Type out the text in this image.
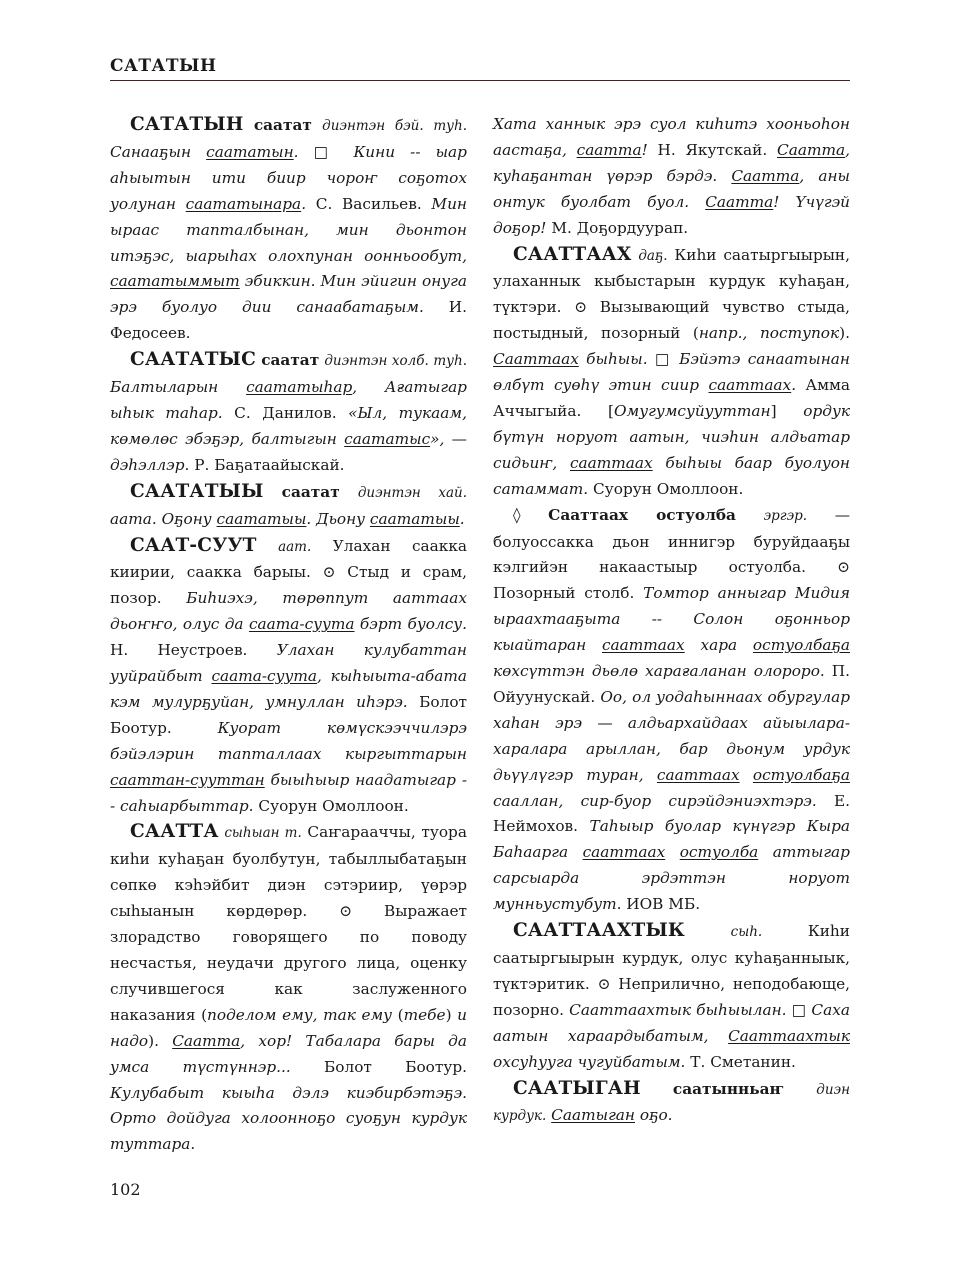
САТАТЫН

САТАТЫН саатат диэнтэн бэй. туһ. Санааҕын саататын. □ Кини -- ыар аһыытын ити биир чороҥ соҕотох уолунан саататынара. С. Васильев. Мин ыраас тапталбынан, мин дьонтон итэҕэс, ыарыһах олохпунан оонньообут, саататыммыт эбиккин. Мин эйигин онуга эрэ буолуо дии санаабатаҕым. И. Федосеев.

СААТАТЫС саатат диэнтэн холб. туһ. Балтыларын саататыһар, Ағатыгар ыһык таһар. С. Данилов. «Ыл, тукаам, көмөлөс эбэҕэр, балтыгын саататыс», — дэһэллэр. Р. Баҕатаайыскай.

СААТАТЫЫ саатат диэнтэн хай. аата. Оҕону саататыы. Дьону саататыы.

СААТ-СУУТ аат. Улахан саакка киирии, саакка барыы. ⊙ Стыд и срам, позор. Биһиэхэ, төрөппут ааттаах дьоҥҥо, олус да саата-суута бэрт буолсу. Н. Неустроев. Улахан кулубаттан ууйрайбыт саата-суута, кыһыыта-абата кэм мулурҕуйан, умнуллан иһэрэ. Болот Боотур. Куорат көмүскээччилэрэ бэйэлэрин тапталлаах кыргыттарын сааттан-сууттан быыһыыр наадатыгар -- саһыарбыттар. Суорун Омоллоон.

СААТТА сыһыан т. Саҥарааччы, туора киһи куһаҕан буолбутун, табыллыбатаҕын сөпкө кэһэйбит диэн сэтэриир, үөрэр сыһыанын көрдөрөр. ⊙ Выражает злорадство говорящего по поводу несчастья, неудачи другого лица, оценку случившегося как заслуженного наказания (поделом ему, так ему (тебе) и надо). Саатта, хор! Табалара бары да умса түстүннэр... Болот Боотур. Кулубабыт кыыһа дэлэ киэбирбэтэҕэ. Орто дойдуга холоонноҕо суоҕун курдук туттара.

Хата ханнык эрэ суол киһитэ хооньоһон аастаҕа, саатта! Н. Якутскай. Саатта, куһаҕантан үөрэр бэрдэ. Саатта, аны онтук буолбат буол. Саатта! Үчүгэй доҕор! М. Доҕордуурап.

СААТТААХ даҕ. Киһи саатыргыырын, улаханнык кыбыстарын курдук куһаҕан, түктэри. ⊙ Вызывающий чувство стыда, постыдный, позорный (напр., поступок). Сааттаах быһыы. □ Бэйэтэ санаатынан өлбүт суөһү этин сиир сааттаах. Амма Аччыгыйа. [Омугумсуйууттан] ордук бүтүн норуот аатын, чиэһин алдьатар сидьиҥ, сааттаах быһыы баар буолуон сатаммат. Суорун Омоллоон.

◊ Сааттаах остуолба эргэр. — болуоссакка дьон иннигэр буруйдааҕы кэлгийэн накаастыыр остуолба. ⊙ Позорный столб. Томтор анныгар Мидия ыраахтааҕыта -- Солон оҕонньор кыайтаран сааттаах хара остуолбаҕа көхсүттэн дьөлө харағаланан олороро. П. Ойуунускай. Оо, ол уодаһыннаах обургулар хаһан эрэ — алдьархайдаах айыылара-харалара арыллан, бар дьонум урдук дьүүлүгэр туран, сааттаах остуолбаҕа сааллан, сир-буор сирэйдэниэхтэрэ. Е. Неймохов. Таһыыр буолар күнүгэр Кыра Баһаарга сааттаах остуолба аттыгар сарсыарда эрдэттэн норуот мунньустубут. ИОВ МБ.

СААТТААХТЫК	сыһ. Киһи саатыргыырын курдук, олус куһаҕанныык, түктэритик. ⊙ Неприлично, неподобающе, позорно. Сааттаахтык быһыылан. □ Саха аатын хараардыбатым, Сааттаахтык охсуһууга чугуйбатым. Т. Сметанин.

СААТЫГАН саатынньаҥ диэн курдук. Саатыган оҕо.

102
